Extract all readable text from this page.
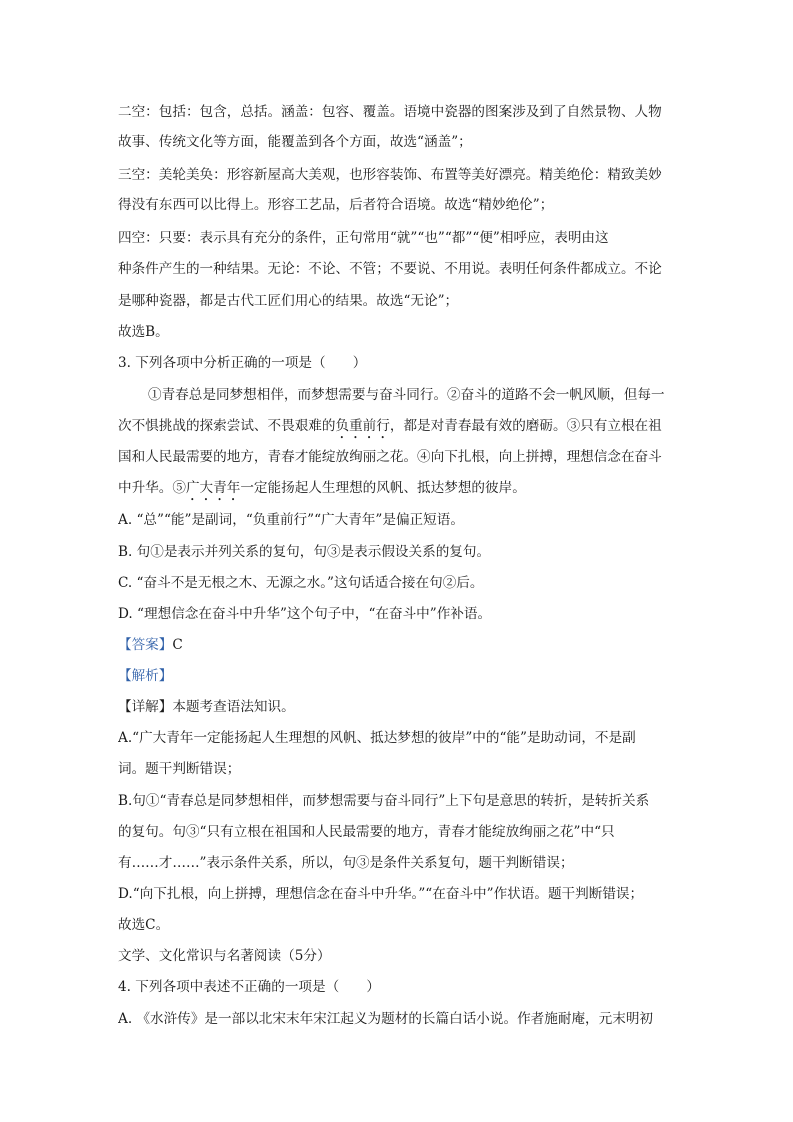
二空：包括：包含，总括。涵盖：包容、覆盖。语境中瓷器的图案涉及到了自然景物、人物
故事、传统文化等方面，能覆盖到各个方面，故选“涵盖”；
三空：美轮美奂：形容新屋高大美观，也形容装饰、布置等美好漂亮。精美绝伦：精致美妙
得没有东西可以比得上。形容工艺品，后者符合语境。故选“精妙绝伦”；
四空：只要：表示具有充分的条件，正句常用“就”“也”“都”“便”相呼应，表明由这
种条件产生的一种结果。无论：不论、不管；不要说、不用说。表明任何条件都成立。不论
是哪种瓷器，都是古代工匠们用心的结果。故选“无论”；
故选B。
3. 下列各项中分析正确的一项是（　　）
①青春总是同梦想相伴，而梦想需要与奋斗同行。②奋斗的道路不会一帆风顺，但每一
次不惧挑战的探索尝试、不畏艰难的负重前行，都是对青春最有效的磨砺。③只有立根在祖
国和人民最需要的地方，青春才能绽放绚丽之花。④向下扎根，向上拼搏，理想信念在奋斗
中升华。⑤广大青年一定能扬起人生理想的风帆、抵达梦想的彼岸。
A. “总”“能”是副词，“负重前行”“广大青年”是偏正短语。
B. 句①是表示并列关系的复句，句③是表示假设关系的复句。
C. “奋斗不是无根之木、无源之水。”这句话适合接在句②后。
D. “理想信念在奋斗中升华”这个句子中，“在奋斗中”作补语。
【答案】C
【解析】
【详解】本题考查语法知识。
A.“广大青年一定能扬起人生理想的风帆、抵达梦想的彼岸”中的“能”是助动词，不是副
词。题干判断错误；
B.句①“青春总是同梦想相伴，而梦想需要与奋斗同行”上下句是意思的转折，是转折关系
的复句。句③“只有立根在祖国和人民最需要的地方，青春才能绽放绚丽之花”中“只
有……才……”表示条件关系，所以，句③是条件关系复句，题干判断错误；
D.“向下扎根，向上拼搏，理想信念在奋斗中升华。”“在奋斗中”作状语。题干判断错误；
故选C。
文学、文化常识与名著阅读（5分）
4. 下列各项中表述不正确的一项是（　　）
A. 《水浒传》是一部以北宋末年宋江起义为题材的长篇白话小说。作者施耐庵，元末明初
